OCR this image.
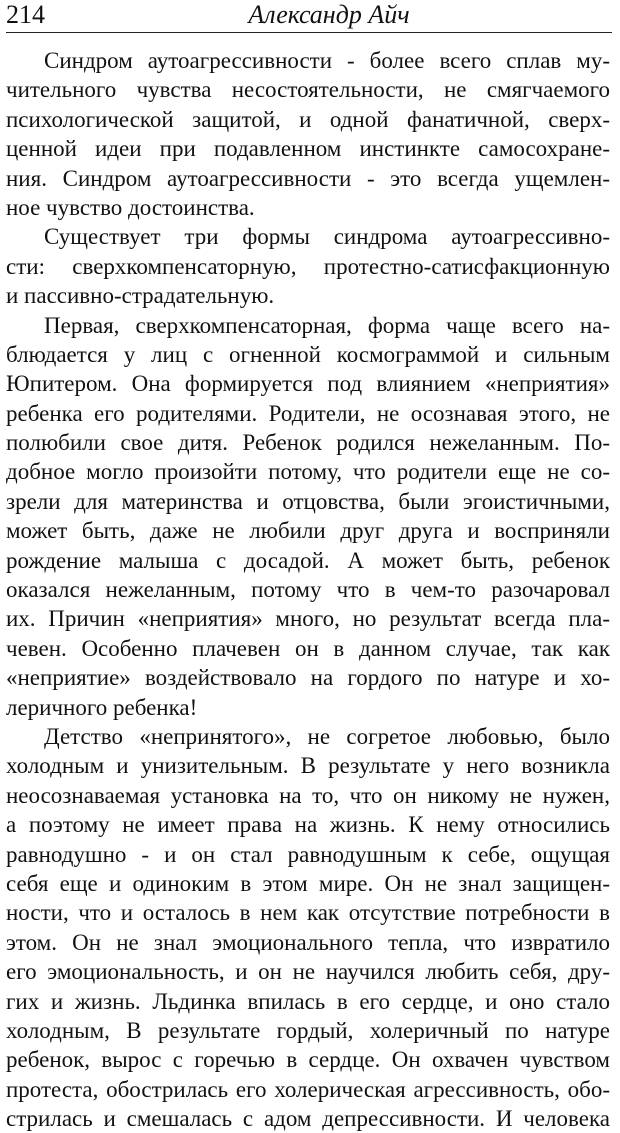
214	Александр Айч
Синдром аутоагрессивности - более всего сплав му-
чительного чувства несостоятельности, не смягчаемого
психологической защитой, и одной фанатичной, сверх-
ценной идеи при подавленном инстинкте самосохране-
ния. Синдром аутоагрессивности - это всегда ущемлен-
ное чувство достоинства.
Существует три формы синдрома аутоагрессивно-
сти: сверхкомпенсаторную, протестно-сатисфакционную
и пассивно-страдательную.
Первая, сверхкомпенсаторная, форма чаще всего на-
блюдается у лиц с огненной космограммой и сильным
Юпитером. Она формируется под влиянием «неприятия»
ребенка его родителями. Родители, не осознавая этого, не
полюбили свое дитя. Ребенок родился нежеланным. По-
добное могло произойти потому, что родители еще не со-
зрели для материнства и отцовства, были эгоистичными,
может быть, даже не любили друг друга и восприняли
рождение малыша с досадой. А может быть, ребенок
оказался нежеланным, потому что в чем-то разочаровал
их. Причин «неприятия» много, но результат всегда пла-
чевен. Особенно плачевен он в данном случае, так как
«неприятие» воздействовало на гордого по натуре и хо-
леричного ребенка!
Детство «непринятого», не согретое любовью, было
холодным и унизительным. В результате у него возникла
неосознаваемая установка на то, что он никому не нужен,
а поэтому не имеет права на жизнь. К нему относились
равнодушно - и он стал равнодушным к себе, ощущая
себя еще и одиноким в этом мире. Он не знал защищен-
ности, что и осталось в нем как отсутствие потребности в
этом. Он не знал эмоционального тепла, что извратило
его эмоциональность, и он не научился любить себя, дру-
гих и жизнь. Льдинка впилась в его сердце, и оно стало
холодным, В результате гордый, холеричный по натуре
ребенок, вырос с горечью в сердце. Он охвачен чувством
протеста, обострилась его холерическая агрессивность, обо-
стрилась и смешалась с адом депрессивности. И человека
